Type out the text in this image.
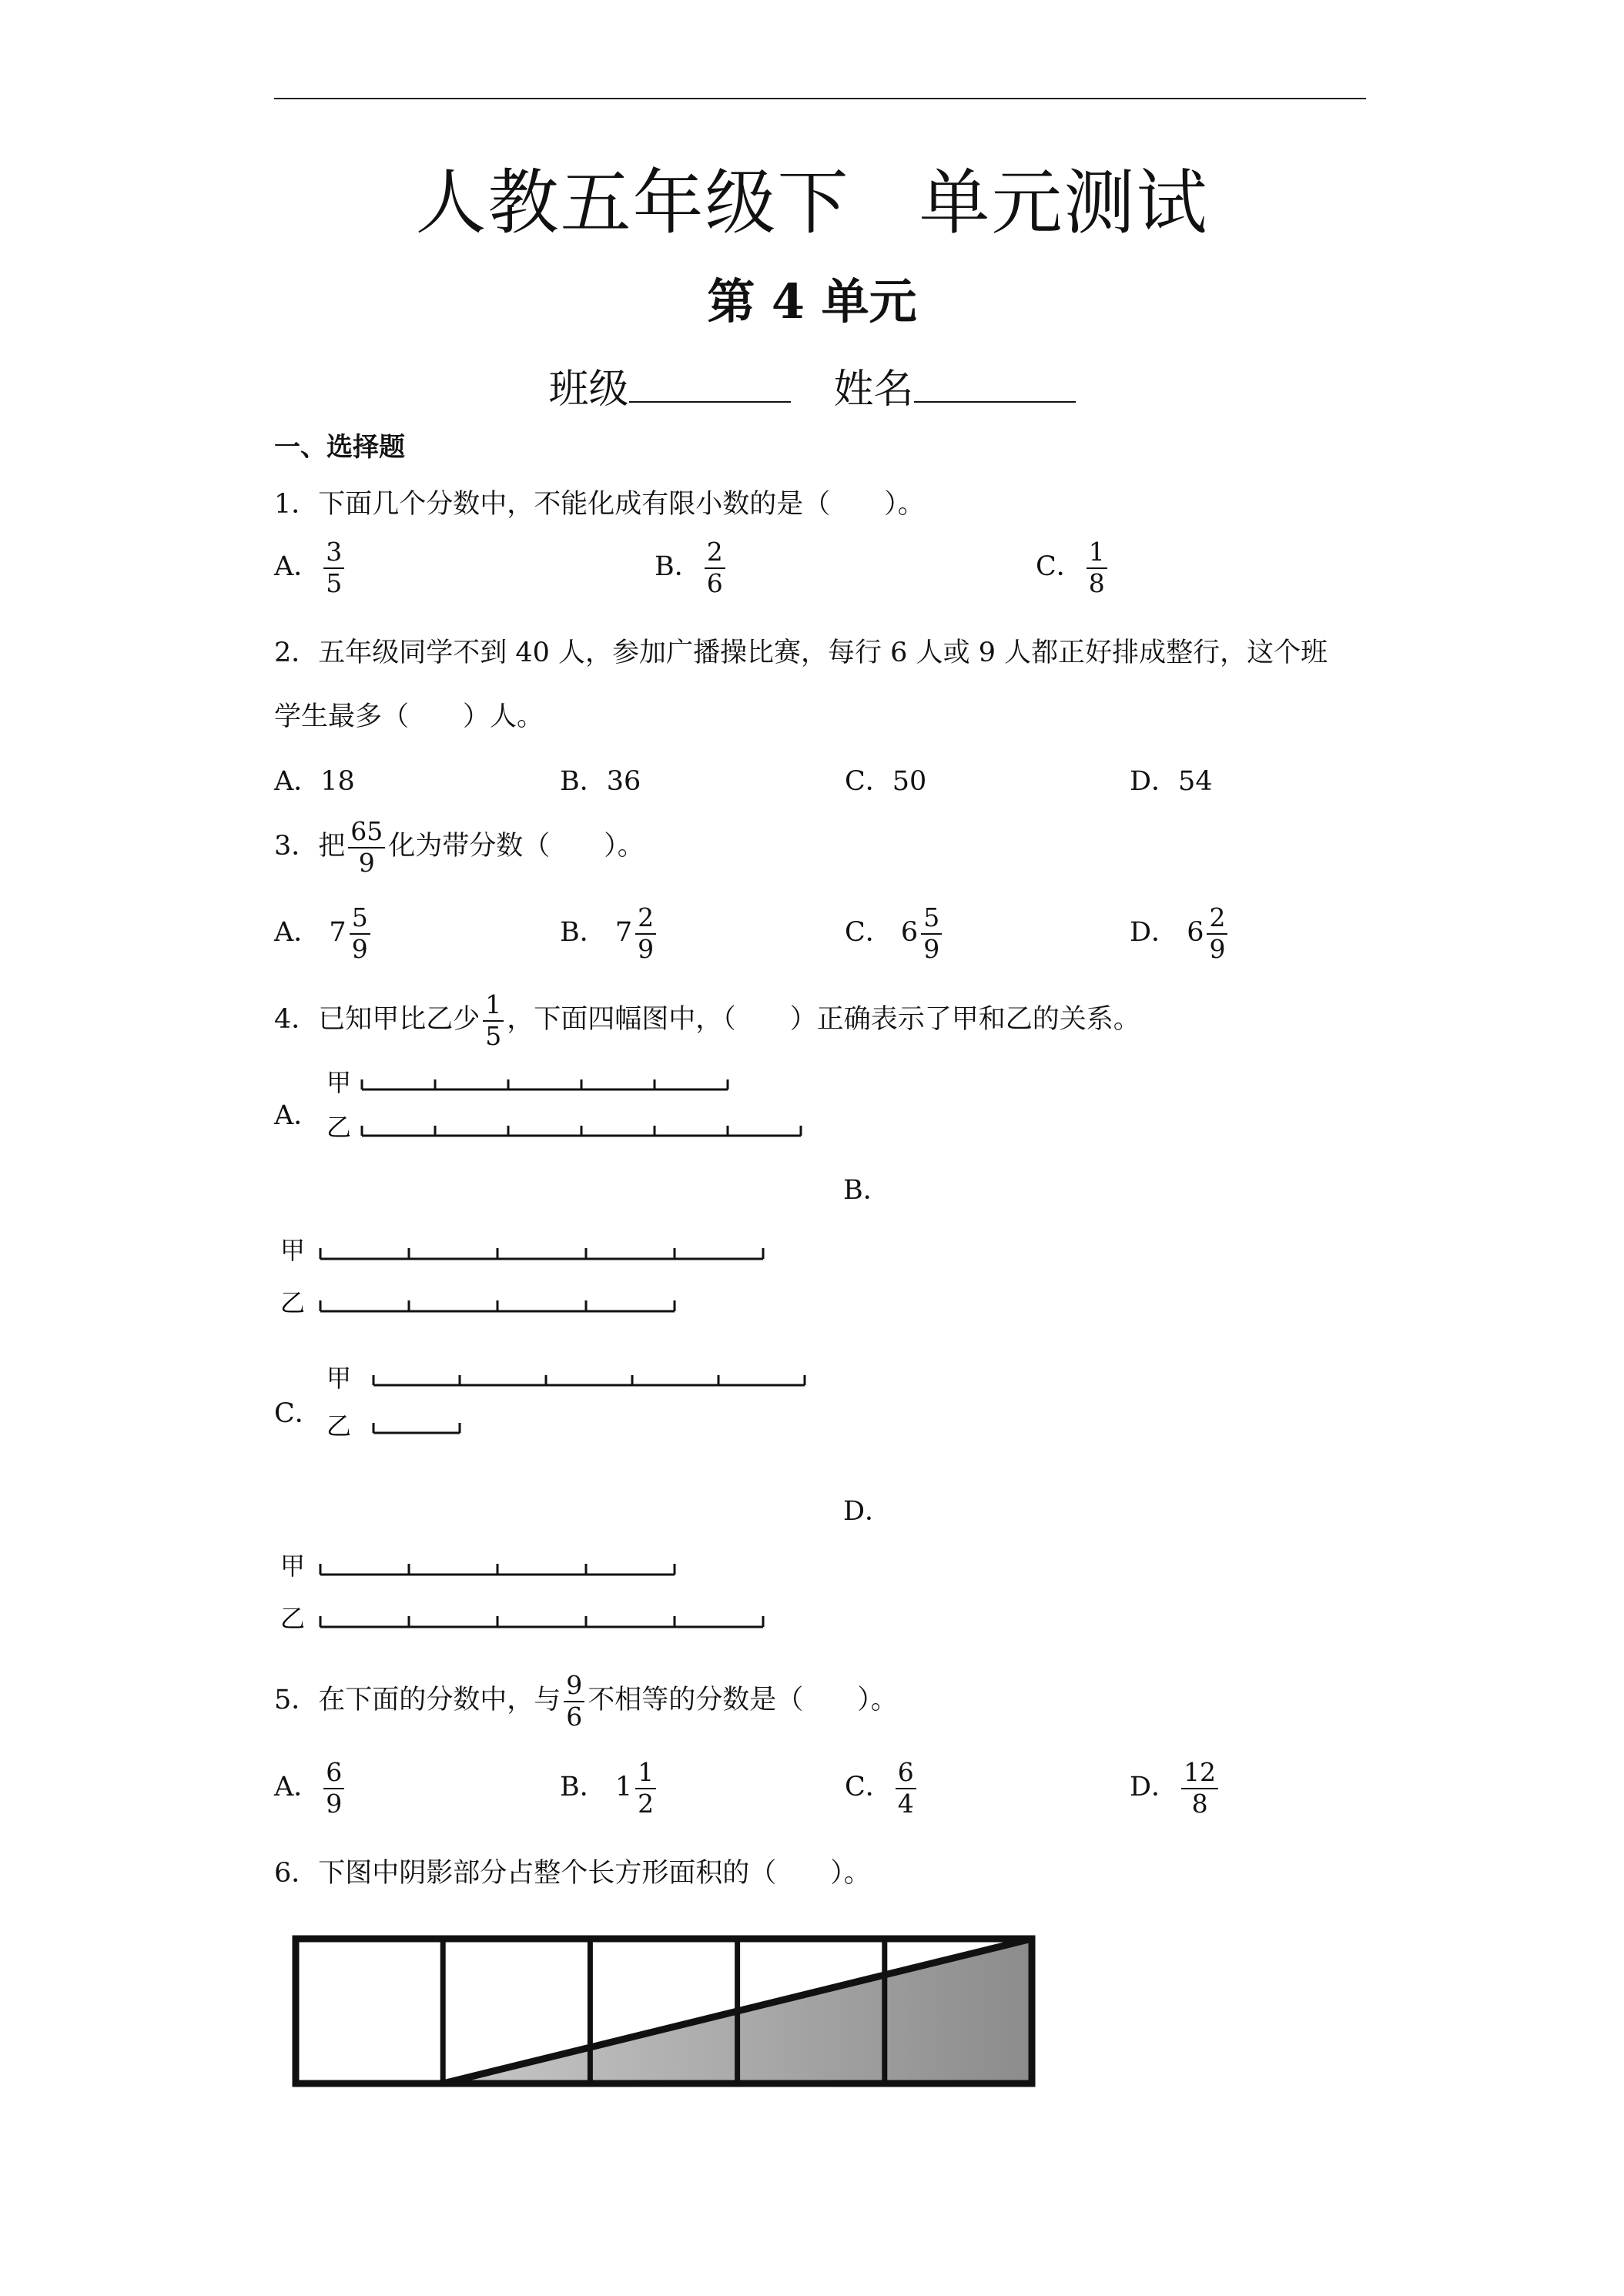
人教五年级下 单元测试
第 4 单元
班级	姓名
一、选择题
1．下面几个分数中，不能化成有限小数的是（　　）。
A． $\frac{3}{5}$	B． $\frac{2}{6}$	C． $\frac{1}{8}$
2．五年级同学不到 40 人，参加广播操比赛，每行 6 人或 9 人都正好排成整行，这个班
学生最多（　　）人。
A．18	B．36	C．50	D．54
3．把 $\frac{65}{9}$ 化为带分数（　　）。
A． $7 \frac{5}{9}$	B． $7 \frac{2}{9}$	C． $6 \frac{5}{9}$	D． $6 \frac{2}{9}$
4．已知甲比乙少 $\frac{1}{5}$ ，下面四幅图中，（　　）正确表示了甲和乙的关系。
A．
甲
乙
B．
甲
乙
C．
甲
乙
D．
甲
乙
5．在下面的分数中，与 $\frac{9}{6}$ 不相等的分数是（　　）。
A． $\frac{6}{9}$	B． $1 \frac{1}{2}$	C． $\frac{6}{4}$	D． $\frac{12}{8}$
6．下图中阴影部分占整个长方形面积的（　　）。
